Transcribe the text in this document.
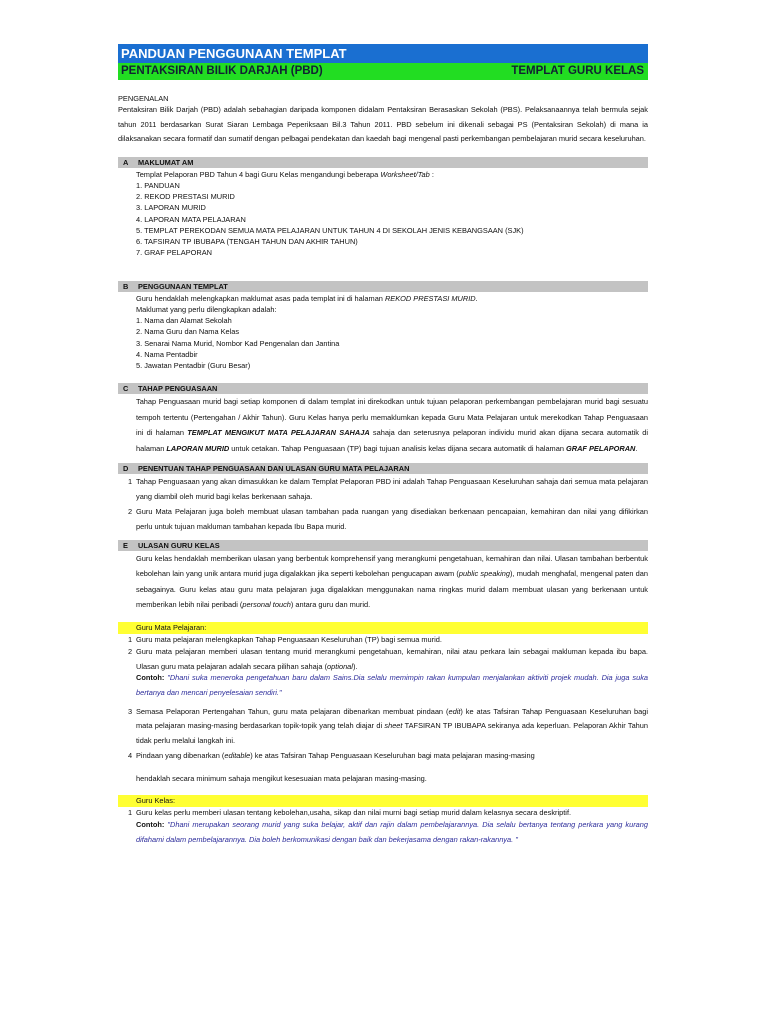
PANDUAN PENGGUNAAN TEMPLAT
PENTAKSIRAN BILIK DARJAH (PBD)	TEMPLAT GURU KELAS
PENGENALAN

Pentaksiran Bilik Darjah (PBD) adalah sebahagian daripada komponen didalam Pentaksiran Berasaskan Sekolah (PBS). Pelaksanaannya telah bermula sejak tahun 2011 berdasarkan Surat Siaran Lembaga Peperiksaan Bil.3 Tahun 2011. PBD sebelum ini dikenali sebagai PS (Pentaksiran Sekolah) di mana ia dilaksanakan secara formatif dan sumatif dengan pelbagai pendekatan dan kaedah bagi mengenal pasti perkembangan pembelajaran murid secara keseluruhan.

A MAKLUMAT AM
Templat Pelaporan PBD Tahun 4 bagi Guru Kelas mengandungi beberapa Worksheet/Tab :
1. PANDUAN
2. REKOD PRESTASI MURID
3. LAPORAN MURID
4. LAPORAN MATA PELAJARAN
5. TEMPLAT PEREKODAN SEMUA MATA PELAJARAN UNTUK TAHUN 4 DI SEKOLAH JENIS KEBANGSAAN (SJK)
6. TAFSIRAN TP IBUBAPA (TENGAH TAHUN DAN AKHIR TAHUN)
7. GRAF PELAPORAN
B PENGGUNAAN TEMPLAT
Guru hendaklah melengkapkan maklumat asas pada templat ini di halaman REKOD PRESTASI MURID.
Maklumat yang perlu dilengkapkan adalah:
1. Nama dan Alamat Sekolah
2. Nama Guru dan Nama Kelas
3. Senarai Nama Murid, Nombor Kad Pengenalan dan Jantina
4. Nama Pentadbir
5. Jawatan Pentadbir (Guru Besar)
C TAHAP PENGUASAAN

Tahap Penguasaan murid bagi setiap komponen di dalam templat ini direkodkan untuk tujuan pelaporan perkembangan pembelajaran murid bagi sesuatu tempoh tertentu (Pertengahan / Akhir Tahun). Guru Kelas hanya perlu memaklumkan kepada Guru Mata Pelajaran untuk merekodkan Tahap Penguasaan ini di halaman TEMPLAT MENGIKUT MATA PELAJARAN SAHAJA sahaja dan seterusnya pelaporan individu murid akan dijana secara automatik di halaman LAPORAN MURID untuk cetakan. Tahap Penguasaan (TP) bagi tujuan analisis kelas dijana secara automatik di halaman GRAF PELAPORAN.

D PENENTUAN TAHAP PENGUASAAN DAN ULASAN GURU MATA PELAJARAN
1 Tahap Penguasaan yang akan dimasukkan ke dalam Templat Pelaporan PBD ini adalah Tahap Penguasaan Keseluruhan sahaja dari semua mata pelajaran yang diambil oleh murid bagi kelas berkenaan sahaja.

2 Guru Mata Pelajaran juga boleh membuat ulasan tambahan pada ruangan yang disediakan berkenaan pencapaian, kemahiran dan nilai yang difikirkan perlu untuk tujuan makluman tambahan kepada Ibu Bapa murid.

E ULASAN GURU KELAS

Guru kelas hendaklah memberikan ulasan yang berbentuk komprehensif yang merangkumi pengetahuan, kemahiran dan nilai. Ulasan tambahan berbentuk kebolehan lain yang unik antara murid juga digalakkan jika seperti kebolehan pengucapan awam (public speaking), mudah menghafal, mengenal paten dan sebagainya. Guru kelas atau guru mata pelajaran juga digalakkan menggunakan nama ringkas murid dalam membuat ulasan yang berkenaan untuk memberikan lebih nilai peribadi (personal touch) antara guru dan murid.

Guru Mata Pelajaran:
1 Guru mata pelajaran melengkapkan Tahap Penguasaan Keseluruhan (TP) bagi semua murid.

2 Guru mata pelajaran memberi ulasan tentang murid merangkumi pengetahuan, kemahiran, nilai atau perkara lain sebagai makluman kepada ibu bapa. Ulasan guru mata pelajaran adalah secara pilihan sahaja (optional).

Contoh: "Dhani suka meneroka pengetahuan baru dalam Sains.Dia selalu memimpin rakan kumpulan menjalankan aktiviti projek mudah. Dia juga suka bertanya dan mencari penyelesaian sendiri."

3 Semasa Pelaporan Pertengahan Tahun, guru mata pelajaran dibenarkan membuat pindaan (edit) ke atas Tafsiran Tahap Penguasaan Keseluruhan bagi mata pelajaran masing-masing berdasarkan topik-topik yang telah diajar di sheet TAFSIRAN TP IBUBAPA sekiranya ada keperluan. Pelaporan Akhir Tahun tidak perlu melalui langkah ini.

4 Pindaan yang dibenarkan (editable) ke atas Tafsiran Tahap Penguasaan Keseluruhan bagi mata pelajaran masing-masing

hendaklah secara minimum sahaja mengikut kesesuaian mata pelajaran masing-masing.

Guru Kelas:
1 Guru kelas perlu memberi ulasan tentang kebolehan,usaha, sikap dan nilai murni bagi setiap murid dalam kelasnya secara deskriptif.

Contoh: "Dhani merupakan seorang murid yang suka belajar, aktif dan rajin dalam pembelajarannya. Dia selalu bertanya tentang perkara yang kurang difahami dalam pembelajarannya. Dia boleh berkomunikasi dengan baik dan bekerjasama dengan rakan-rakannya. "
